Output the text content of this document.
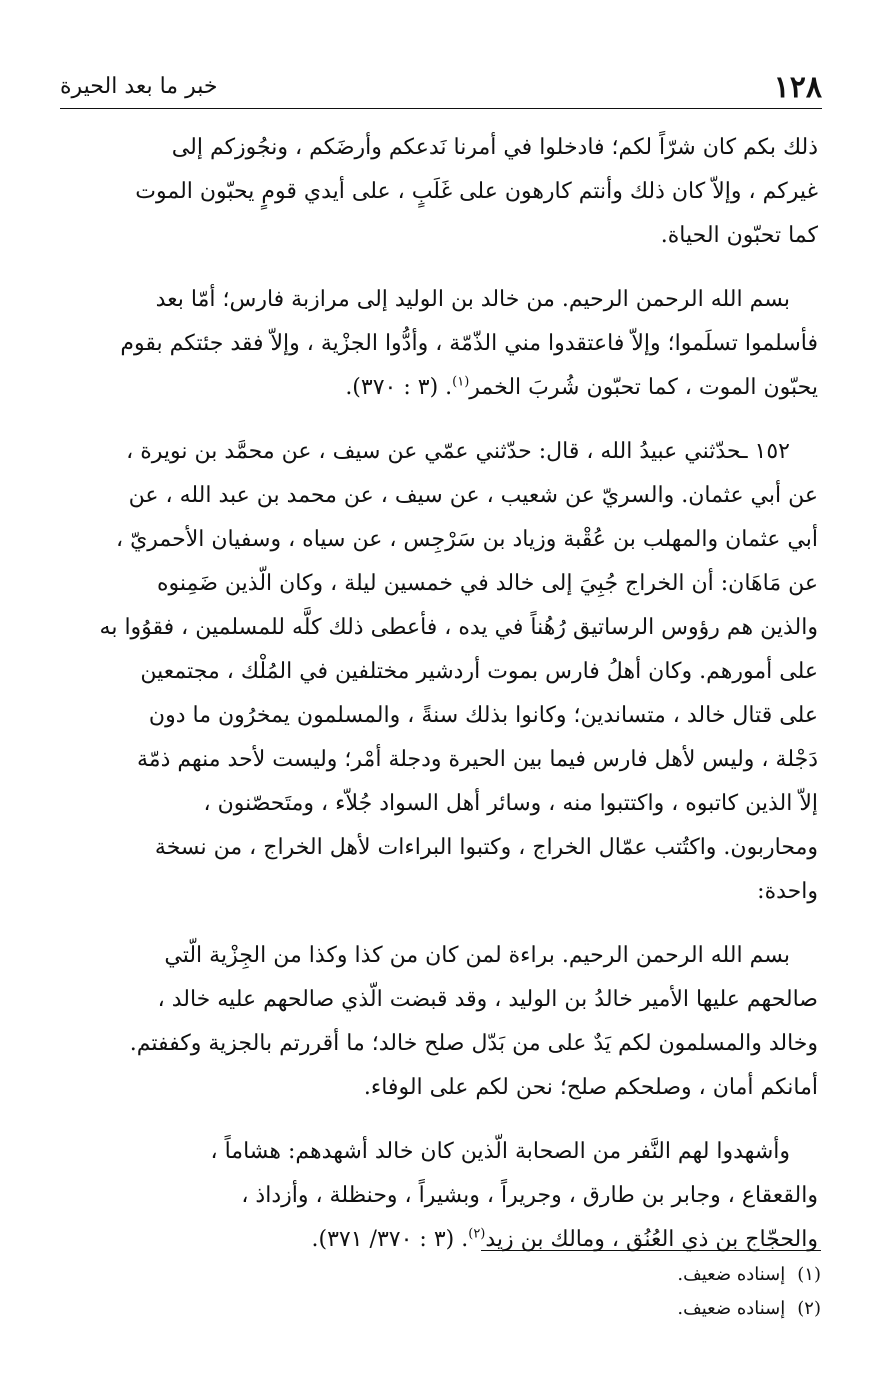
١٢٨
خبر ما بعد الحيرة

ذلك بكم كان شرّاً لكم؛ فادخلوا في أمرنا نَدعكم وأرضَكم ، ونجُوزكم إلى

غيركم ، وإلاّ كان ذلك وأنتم كارهون على غَلَبٍ ، على أيدي قومٍ يحبّون الموت

كما تحبّون الحياة.

بسم الله الرحمن الرحيم. من خالد بن الوليد إلى مرازبة فارس؛ أمّا بعد

فأسلموا تسلَموا؛ وإلاّ فاعتقدوا مني الذّمّة ، وأدُّوا الجزْية ، وإلاّ فقد جئتكم بقوم

يحبّون الموت ، كما تحبّون شُربَ الخمر$^{(١)}$. (٣ : ٣٧٠).

١٥٢ ـحدّثني عبيدُ الله ، قال: حدّثني عمّي عن سيف ، عن محمَّد بن نويرة ،

عن أبي عثمان. والسريّ عن شعيب ، عن سيف ، عن محمد بن عبد الله ، عن

أبي عثمان والمهلب بن عُقْبة وزياد بن سَرْجِس ، عن سياه ، وسفيان الأحمريّ ،

عن مَاهَان: أن الخراج جُبِيَ إلى خالد في خمسين ليلة ، وكان الّذين ضَمِنوه

والذين هم رؤوس الرساتيق رُهُناً في يده ، فأعطى ذلك كلَّه للمسلمين ، فقوُوا به

على أمورهم. وكان أهلُ فارس بموت أردشير مختلفين في المُلْك ، مجتمعين

على قتال خالد ، متساندين؛ وكانوا بذلك سنةً ، والمسلمون يمخرُون ما دون

دَجْلة ، وليس لأهل فارس فيما بين الحيرة ودجلة أمْر؛ وليست لأحد منهم ذمّة

إلاّ الذين كاتبوه ، واكتتبوا منه ، وسائر أهل السواد جُلاّء ، ومتَحصّنون ،

ومحاربون. واكتُتب عمّال الخراج ، وكتبوا البراءات لأهل الخراج ، من نسخة

واحدة:

بسم الله الرحمن الرحيم. براءة لمن كان من كذا وكذا من الجِزْية الّتي

صالحهم عليها الأمير خالدُ بن الوليد ، وقد قبضت الّذي صالحهم عليه خالد ،

وخالد والمسلمون لكم يَدٌ على من بَدّل صلح خالد؛ ما أقررتم بالجزية وكففتم.

أمانكم أمان ، وصلحكم صلح؛ نحن لكم على الوفاء.

وأشهدوا لهم النَّفر من الصحابة الّذين كان خالد أشهدهم: هشاماً ،

والقعقاع ، وجابر بن طارق ، وجريراً ، وبشيراً ، وحنظلة ، وأزداذ ،

والحجّاج بن ذي العُنُق ، ومالك بن زيد$^{(٢)}$. (٣ : ٣٧٠/ ٣٧١).

(١)
إسناده ضعيف.
(٢)
إسناده ضعيف.
